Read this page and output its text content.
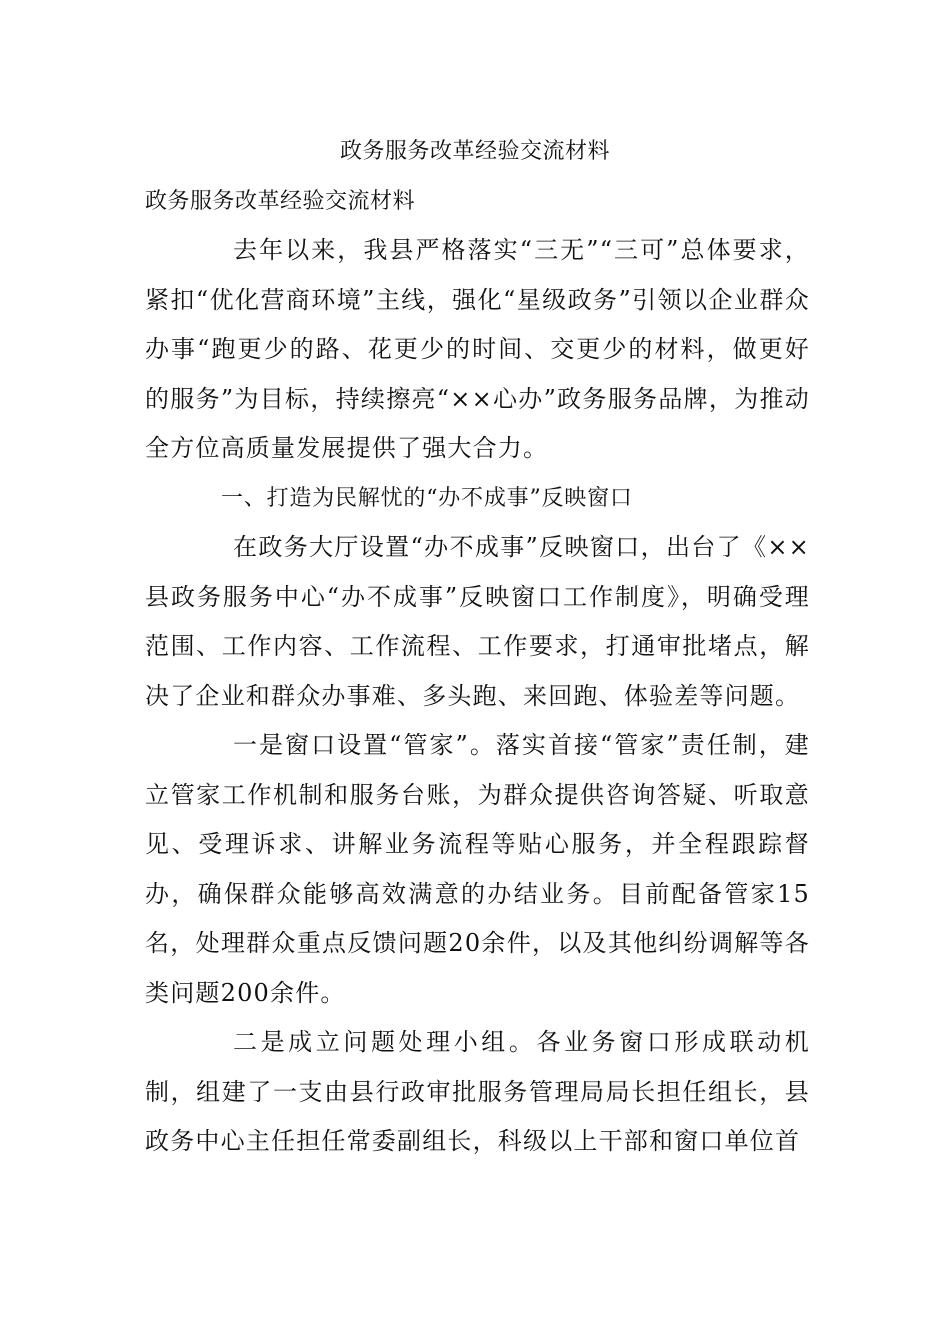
政务服务改革经验交流材料

政务服务改革经验交流材料

去年以来，我县严格落实“三无”“三可”总体要求，紧扣“优化营商环境”主线，强化“星级政务”引领以企业群众办事“跑更少的路、花更少的时间、交更少的材料，做更好的服务”为目标，持续擦亮“××心办”政务服务品牌，为推动全方位高质量发展提供了强大合力。

一、打造为民解忧的“办不成事”反映窗口

在政务大厅设置“办不成事”反映窗口，出台了《××县政务服务中心“办不成事”反映窗口工作制度》，明确受理范围、工作内容、工作流程、工作要求，打通审批堵点，解决了企业和群众办事难、多头跑、来回跑、体验差等问题。

一是窗口设置“管家”。落实首接“管家”责任制，建立管家工作机制和服务台账，为群众提供咨询答疑、听取意见、受理诉求、讲解业务流程等贴心服务，并全程跟踪督办，确保群众能够高效满意的办结业务。目前配备管家15名，处理群众重点反馈问题20余件，以及其他纠纷调解等各类问题200余件。

二是成立问题处理小组。各业务窗口形成联动机制，组建了一支由县行政审批服务管理局局长担任组长，县政务中心主任担任常委副组长，科级以上干部和窗口单位首
